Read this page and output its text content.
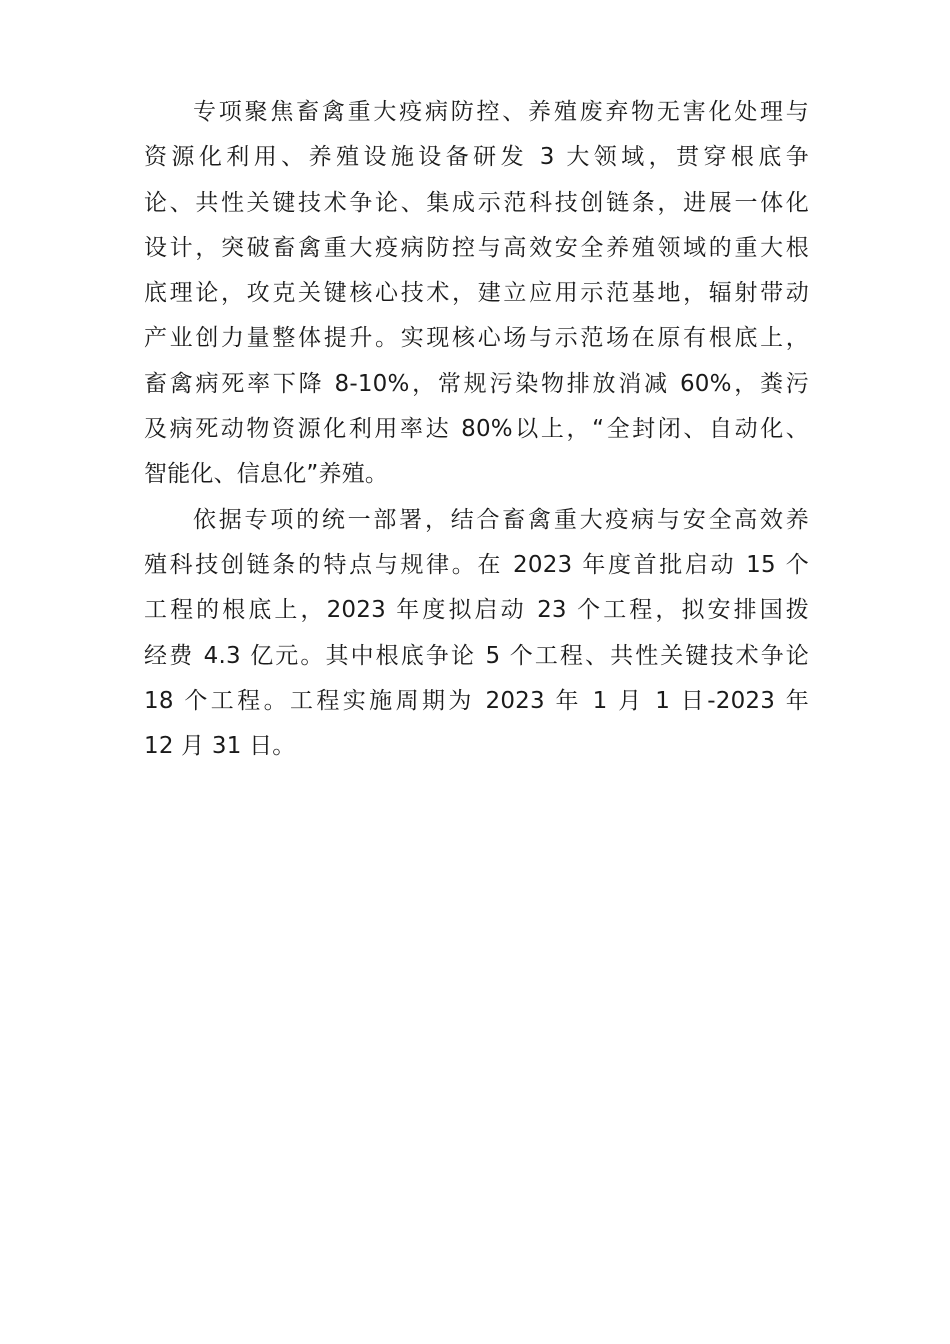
专项聚焦畜禽重大疫病防控、养殖废弃物无害化处理与
资源化利用、养殖设施设备研发 3 大领域，贯穿根底争
论、共性关键技术争论、集成示范科技创链条，进展一体化
设计，突破畜禽重大疫病防控与高效安全养殖领域的重大根
底理论，攻克关键核心技术，建立应用示范基地，辐射带动
产业创力量整体提升。实现核心场与示范场在原有根底上，
畜禽病死率下降 8-10%，常规污染物排放消减 60%，粪污
及病死动物资源化利用率达 80%以上，“全封闭、自动化、
智能化、信息化”养殖。
依据专项的统一部署，结合畜禽重大疫病与安全高效养
殖科技创链条的特点与规律。在 2023 年度首批启动 15 个
工程的根底上，2023 年度拟启动 23 个工程，拟安排国拨
经费 4.3 亿元。其中根底争论 5 个工程、共性关键技术争论
18 个工程。工程实施周期为 2023 年 1 月 1 日-2023 年
12 月 31 日。
